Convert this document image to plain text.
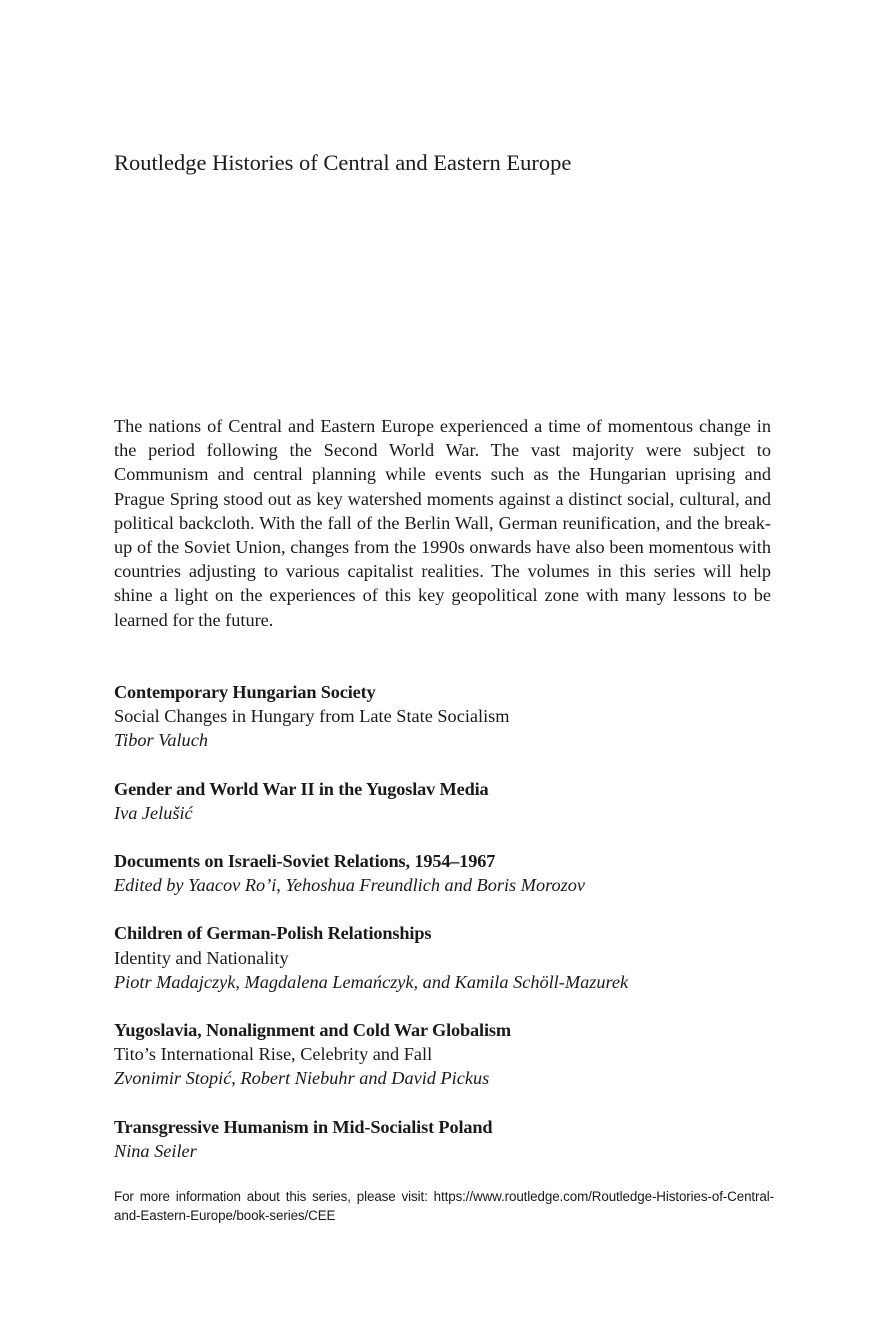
Routledge Histories of Central and Eastern Europe

The nations of Central and Eastern Europe experienced a time of momentous change in the period following the Second World War. The vast majority were subject to Communism and central planning while events such as the Hungarian uprising and Prague Spring stood out as key watershed moments against a distinct social, cultural, and political backcloth. With the fall of the Berlin Wall, German reunification, and the break-up of the Soviet Union, changes from the 1990s onwards have also been momentous with countries adjusting to various capitalist realities. The volumes in this series will help shine a light on the experiences of this key geopolitical zone with many lessons to be learned for the future.

Contemporary Hungarian Society
Social Changes in Hungary from Late State Socialism
Tibor Valuch
Gender and World War II in the Yugoslav Media
Iva Jelušić
Documents on Israeli-Soviet Relations, 1954–1967
Edited by Yaacov Ro’i, Yehoshua Freundlich and Boris Morozov
Children of German-Polish Relationships
Identity and Nationality
Piotr Madajczyk, Magdalena Lemańczyk, and Kamila Schöll-Mazurek
Yugoslavia, Nonalignment and Cold War Globalism
Tito’s International Rise, Celebrity and Fall
Zvonimir Stopić, Robert Niebuhr and David Pickus
Transgressive Humanism in Mid-Socialist Poland
Nina Seiler

For more information about this series, please visit: https://www.routledge.com/Routledge-Histories-of-Central-and-Eastern-Europe/book-series/CEE
